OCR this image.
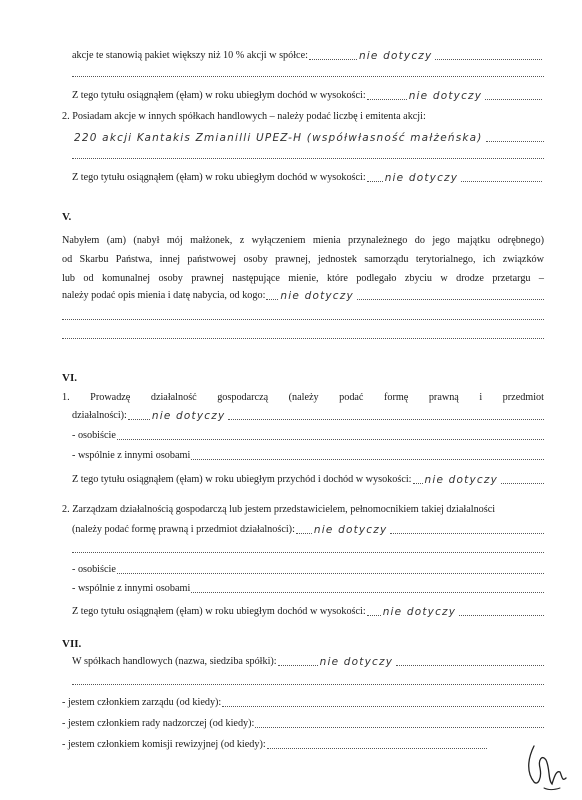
akcje te stanowią pakiet większy niż 10 % akcji w spółce:	nie dotyczy
Z tego tytułu osiągnąłem (ęłam) w roku ubiegłym dochód w wysokości:	nie dotyczy
2. Posiadam akcje w innych spółkach handlowych – należy podać liczbę i emitenta akcji:
220 akcji Kantakis Zmianilli UPEZ-H (współwłasność małżeńska)
Z tego tytułu osiągnąłem (ęłam) w roku ubiegłym dochód w wysokości: nie dotyczy
V.
Nabyłem (am) (nabył mój małżonek, z wyłączeniem mienia przynależnego do jego majątku odrębnego)
od Skarbu Państwa, innej państwowej osoby prawnej, jednostek samorządu terytorialnego, ich związków
lub od komunalnej osoby prawnej następujące mienie, które podlegało zbyciu w drodze przetargu –
należy podać opis mienia i datę nabycia, od kogo: nie dotyczy
VI.
1. Prowadzę działalność gospodarczą (należy podać formę prawną i przedmiot
działalności): nie dotyczy
- osobiście
- wspólnie z innymi osobami
Z tego tytułu osiągnąłem (ęłam) w roku ubiegłym przychód i dochód w wysokości: nie dotyczy
2. Zarządzam działalnością gospodarczą lub jestem przedstawicielem, pełnomocnikiem takiej działalności
(należy podać formę prawną i przedmiot działalności): nie dotyczy
- osobiście
- wspólnie z innymi osobami
Z tego tytułu osiągnąłem (ęłam) w roku ubiegłym dochód w wysokości: nie dotyczy
VII.
W spółkach handlowych (nazwa, siedziba spółki):	nie dotyczy
- jestem członkiem zarządu (od kiedy):
- jestem członkiem rady nadzorczej (od kiedy):
- jestem członkiem komisji rewizyjnej (od kiedy):
